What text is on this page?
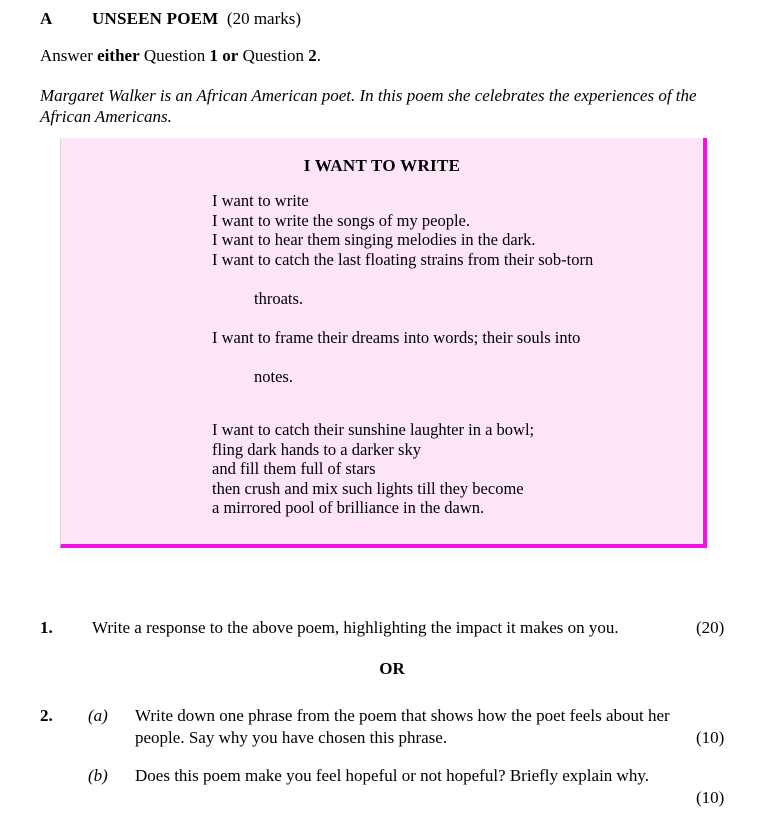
A UNSEEN POEM (20 marks)
Answer either Question 1 or Question 2.
Margaret Walker is an African American poet. In this poem she celebrates the experiences of the African Americans.
I WANT TO WRITE
I want to write
I want to write the songs of my people.
I want to hear them singing melodies in the dark.
I want to catch the last floating strains from their sob-torn
throats.
I want to frame their dreams into words; their souls into
notes.
I want to catch their sunshine laughter in a bowl;
fling dark hands to a darker sky
and fill them full of stars
then crush and mix such lights till they become
a mirrored pool of brilliance in the dawn.
1. Write a response to the above poem, highlighting the impact it makes on you.	(20)
OR
2. (a) Write down one phrase from the poem that shows how the poet feels about her people. Say why you have chosen this phrase.	(10)
(b) Does this poem make you feel hopeful or not hopeful? Briefly explain why.
(10)
